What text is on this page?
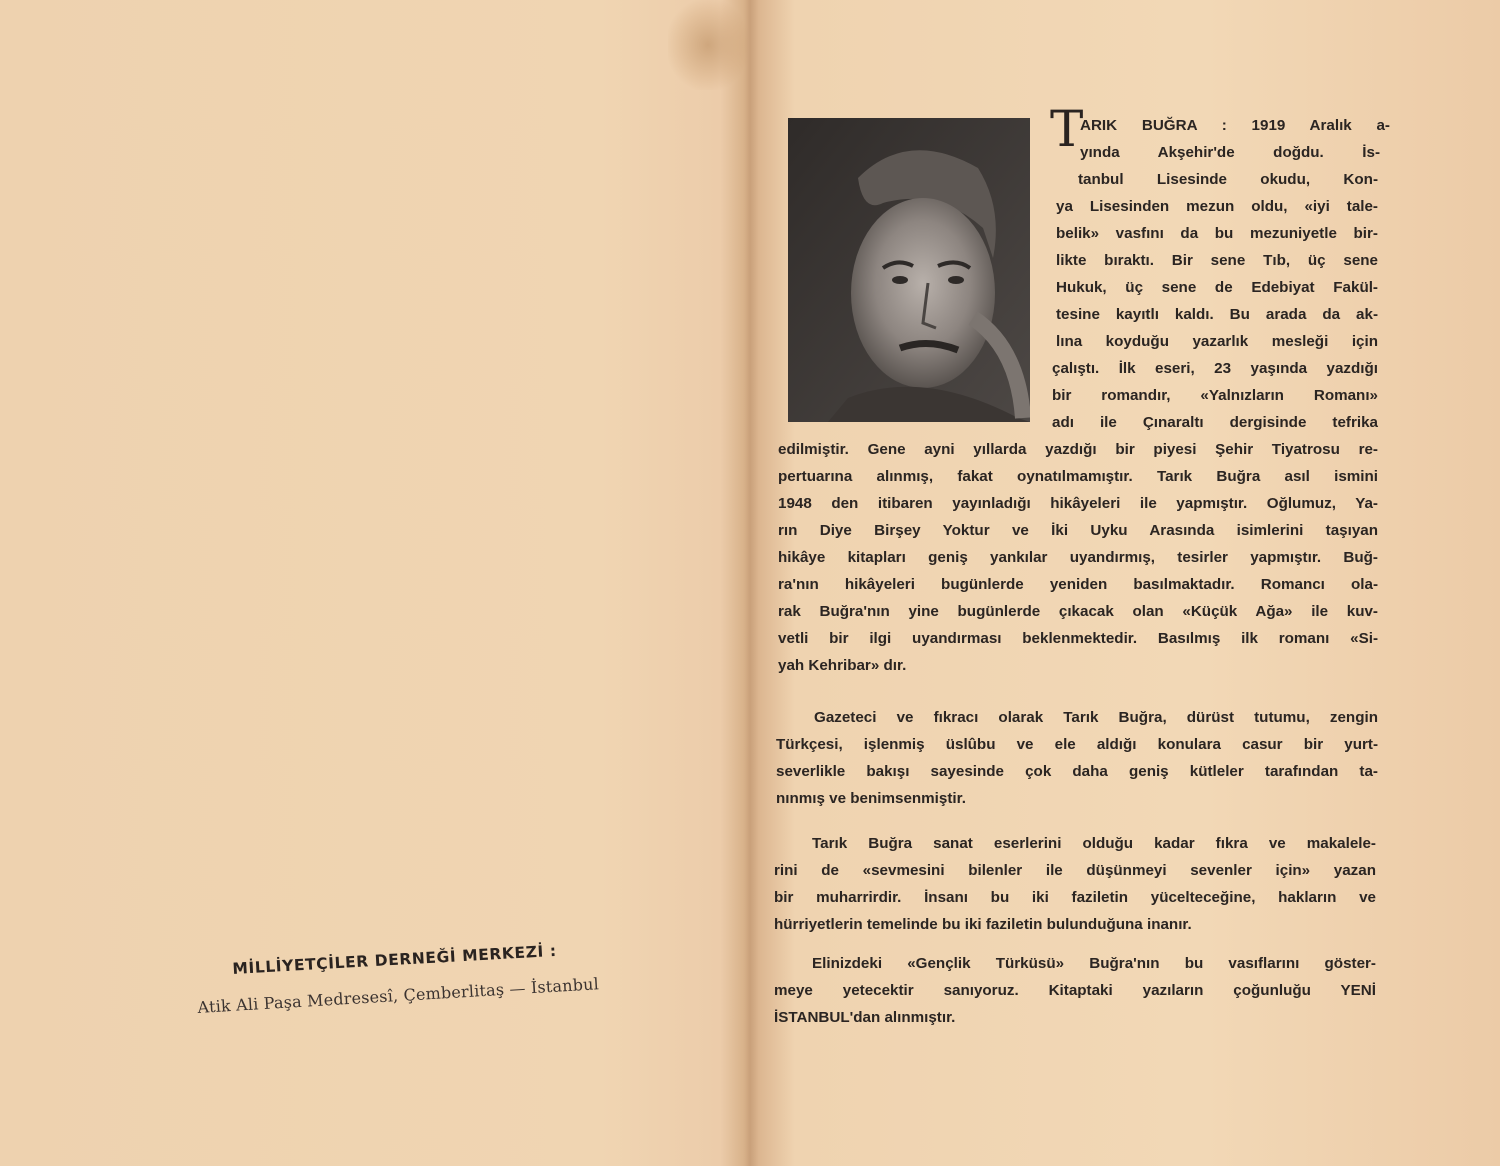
MİLLİYETÇİLER DERNEĞİ MERKEZİ :
Atik Ali Paşa Medresesî, Çemberlitaş — İstanbul
T
ARIK BUĞRA : 1919 Aralık a-
yında Akşehir'de doğdu. İs-
tanbul Lisesinde okudu, Kon-
ya Lisesinden mezun oldu, «iyi tale-
belik» vasfını da bu mezuniyetle bir-
likte bıraktı. Bir sene Tıb, üç sene
Hukuk, üç sene de Edebiyat Fakül-
tesine kayıtlı kaldı. Bu arada da ak-
lına koyduğu yazarlık mesleği için
çalıştı. İlk eseri, 23 yaşında yazdığı
bir romandır, «Yalnızların Romanı»
adı ile Çınaraltı dergisinde tefrika
edilmiştir. Gene ayni yıllarda yazdığı bir piyesi Şehir Tiyatrosu re-
pertuarına alınmış, fakat oynatılmamıştır. Tarık Buğra asıl ismini
1948 den itibaren yayınladığı hikâyeleri ile yapmıştır. Oğlumuz, Ya-
rın Diye Birşey Yoktur ve İki Uyku Arasında isimlerini taşıyan
hikâye kitapları geniş yankılar uyandırmış, tesirler yapmıştır. Buğ-
ra'nın hikâyeleri bugünlerde yeniden basılmaktadır. Romancı ola-
rak Buğra'nın yine bugünlerde çıkacak olan «Küçük Ağa» ile kuv-
vetli bir ilgi uyandırması beklenmektedir. Basılmış ilk romanı «Si-
yah Kehribar» dır.
Gazeteci ve fıkracı olarak Tarık Buğra, dürüst tutumu, zengin
Türkçesi, işlenmiş üslûbu ve ele aldığı konulara casur bir yurt-
severlikle bakışı sayesinde çok daha geniş kütleler tarafından ta-
nınmış ve benimsenmiştir.
Tarık Buğra sanat eserlerini olduğu kadar fıkra ve makalele-
rini de «sevmesini bilenler ile düşünmeyi sevenler için» yazan
bir muharrirdir. İnsanı bu iki faziletin yücelteceğine, hakların ve
hürriyetlerin temelinde bu iki faziletin bulunduğuna inanır.
Elinizdeki «Gençlik Türküsü» Buğra'nın bu vasıflarını göster-
meye yetecektir sanıyoruz. Kitaptaki yazıların çoğunluğu YENİ
İSTANBUL'dan alınmıştır.
